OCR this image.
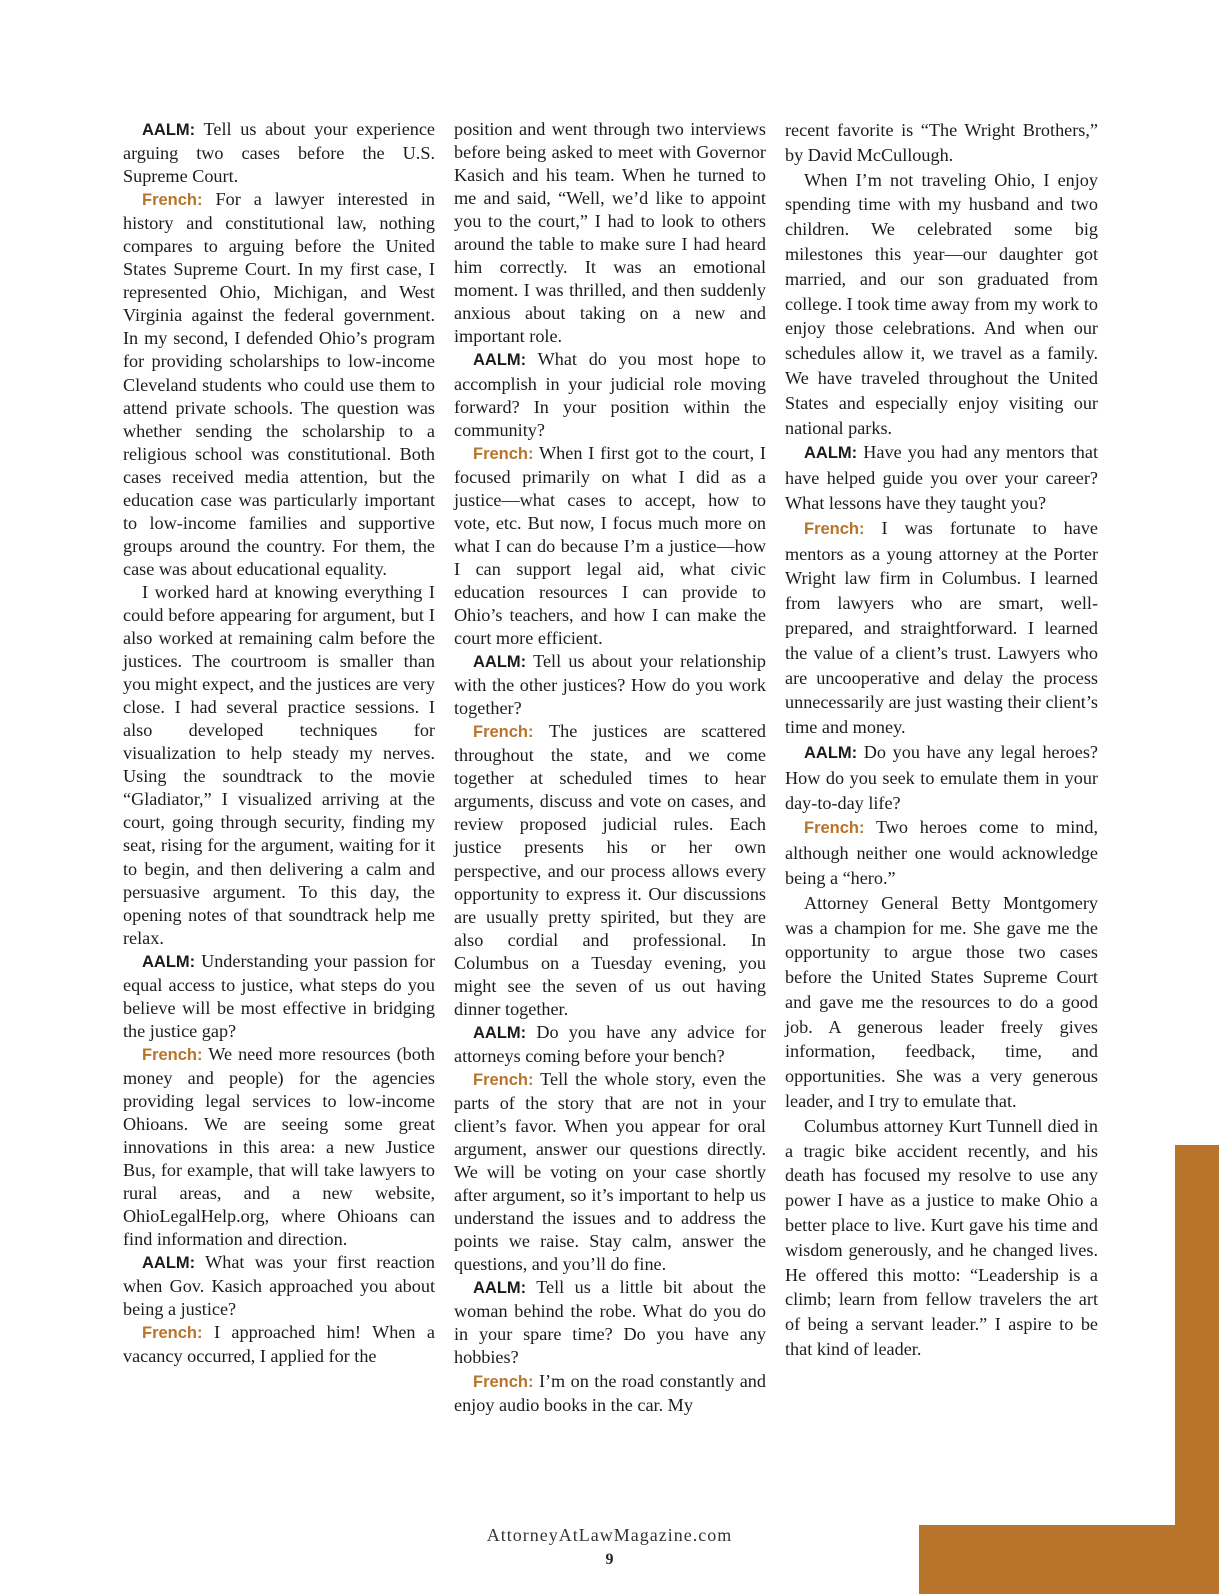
AALM: Tell us about your experience arguing two cases before the U.S. Supreme Court.

French: For a lawyer interested in history and constitutional law, nothing compares to arguing before the United States Supreme Court. In my first case, I represented Ohio, Michigan, and West Virginia against the federal government. In my second, I defended Ohio’s program for providing scholarships to low-income Cleveland students who could use them to attend private schools. The question was whether sending the scholarship to a religious school was constitutional. Both cases received media attention, but the education case was particularly important to low-income families and supportive groups around the country. For them, the case was about educational equality.

I worked hard at knowing everything I could before appearing for argument, but I also worked at remaining calm before the justices. The courtroom is smaller than you might expect, and the justices are very close. I had several practice sessions. I also developed techniques for visualization to help steady my nerves. Using the soundtrack to the movie “Gladiator,” I visualized arriving at the court, going through security, finding my seat, rising for the argument, waiting for it to begin, and then delivering a calm and persuasive argument. To this day, the opening notes of that soundtrack help me relax.

AALM: Understanding your passion for equal access to justice, what steps do you believe will be most effective in bridging the justice gap?

French: We need more resources (both money and people) for the agencies providing legal services to low-income Ohioans. We are seeing some great innovations in this area: a new Justice Bus, for example, that will take lawyers to rural areas, and a new website, OhioLegalHelp.org, where Ohioans can find information and direction.

AALM: What was your first reaction when Gov. Kasich approached you about being a justice?

French: I approached him! When a vacancy occurred, I applied for the

position and went through two interviews before being asked to meet with Governor Kasich and his team. When he turned to me and said, “Well, we’d like to appoint you to the court,” I had to look to others around the table to make sure I had heard him correctly. It was an emotional moment. I was thrilled, and then suddenly anxious about taking on a new and important role.

AALM: What do you most hope to accomplish in your judicial role moving forward? In your position within the community?

French: When I first got to the court, I focused primarily on what I did as a justice—what cases to accept, how to vote, etc. But now, I focus much more on what I can do because I’m a justice—how I can support legal aid, what civic education resources I can provide to Ohio’s teachers, and how I can make the court more efficient.

AALM: Tell us about your relationship with the other justices? How do you work together?

French: The justices are scattered throughout the state, and we come together at scheduled times to hear arguments, discuss and vote on cases, and review proposed judicial rules. Each justice presents his or her own perspective, and our process allows every opportunity to express it. Our discussions are usually pretty spirited, but they are also cordial and professional. In Columbus on a Tuesday evening, you might see the seven of us out having dinner together.

AALM: Do you have any advice for attorneys coming before your bench?

French: Tell the whole story, even the parts of the story that are not in your client’s favor. When you appear for oral argument, answer our questions directly. We will be voting on your case shortly after argument, so it’s important to help us understand the issues and to address the points we raise. Stay calm, answer the questions, and you’ll do fine.

AALM: Tell us a little bit about the woman behind the robe. What do you do in your spare time? Do you have any hobbies?

French: I’m on the road constantly and enjoy audio books in the car. My

recent favorite is “The Wright Brothers,” by David McCullough.

When I’m not traveling Ohio, I enjoy spending time with my husband and two children. We celebrated some big milestones this year—our daughter got married, and our son graduated from college. I took time away from my work to enjoy those celebrations. And when our schedules allow it, we travel as a family. We have traveled throughout the United States and especially enjoy visiting our national parks.

AALM: Have you had any mentors that have helped guide you over your career? What lessons have they taught you?

French: I was fortunate to have mentors as a young attorney at the Porter Wright law firm in Columbus. I learned from lawyers who are smart, well-prepared, and straightforward. I learned the value of a client’s trust. Lawyers who are uncooperative and delay the process unnecessarily are just wasting their client’s time and money.

AALM: Do you have any legal heroes? How do you seek to emulate them in your day-to-day life?

French: Two heroes come to mind, although neither one would acknowledge being a “hero.”

Attorney General Betty Montgomery was a champion for me. She gave me the opportunity to argue those two cases before the United States Supreme Court and gave me the resources to do a good job. A generous leader freely gives information, feedback, time, and opportunities. She was a very generous leader, and I try to emulate that.

Columbus attorney Kurt Tunnell died in a tragic bike accident recently, and his death has focused my resolve to use any power I have as a justice to make Ohio a better place to live. Kurt gave his time and wisdom generously, and he changed lives. He offered this motto: “Leadership is a climb; learn from fellow travelers the art of being a servant leader.” I aspire to be that kind of leader.

AttorneyAtLawMagazine.com
9
